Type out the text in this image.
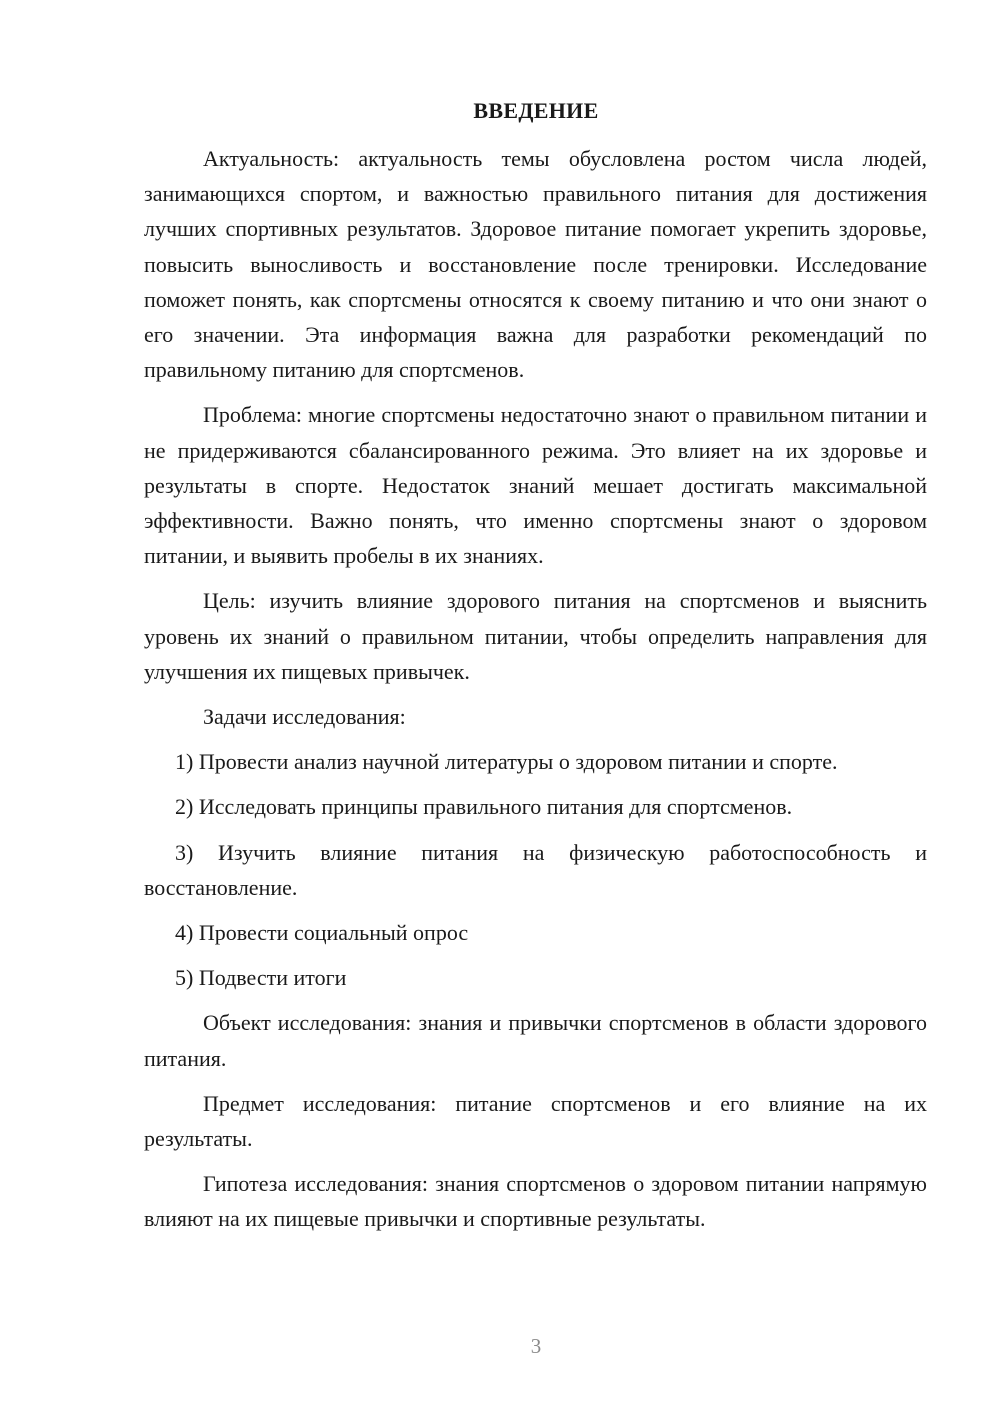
ВВЕДЕНИЕ

Актуальность: актуальность темы обусловлена ростом числа людей, занимающихся спортом, и важностью правильного питания для достижения лучших спортивных результатов. Здоровое питание помогает укрепить здоровье, повысить выносливость и восстановление после тренировки. Исследование поможет понять, как спортсмены относятся к своему питанию и что они знают о его значении. Эта информация важна для разработки рекомендаций по правильному питанию для спортсменов.

Проблема: многие спортсмены недостаточно знают о правильном питании и не придерживаются сбалансированного режима. Это влияет на их здоровье и результаты в спорте. Недостаток знаний мешает достигать максимальной эффективности. Важно понять, что именно спортсмены знают о здоровом питании, и выявить пробелы в их знаниях.

Цель: изучить влияние здорового питания на спортсменов и выяснить уровень их знаний о правильном питании, чтобы определить направления для улучшения их пищевых привычек.

Задачи исследования:

1) Провести анализ научной литературы о здоровом питании и спорте.

2) Исследовать принципы правильного питания для спортсменов.

3) Изучить влияние питания на физическую работоспособность и восстановление.

4) Провести социальный опрос

5) Подвести итоги

Объект исследования: знания и привычки спортсменов в области здорового питания.

Предмет исследования: питание спортсменов и его влияние на их результаты.

Гипотеза исследования: знания спортсменов о здоровом питании напрямую влияют на их пищевые привычки и спортивные результаты.

3
